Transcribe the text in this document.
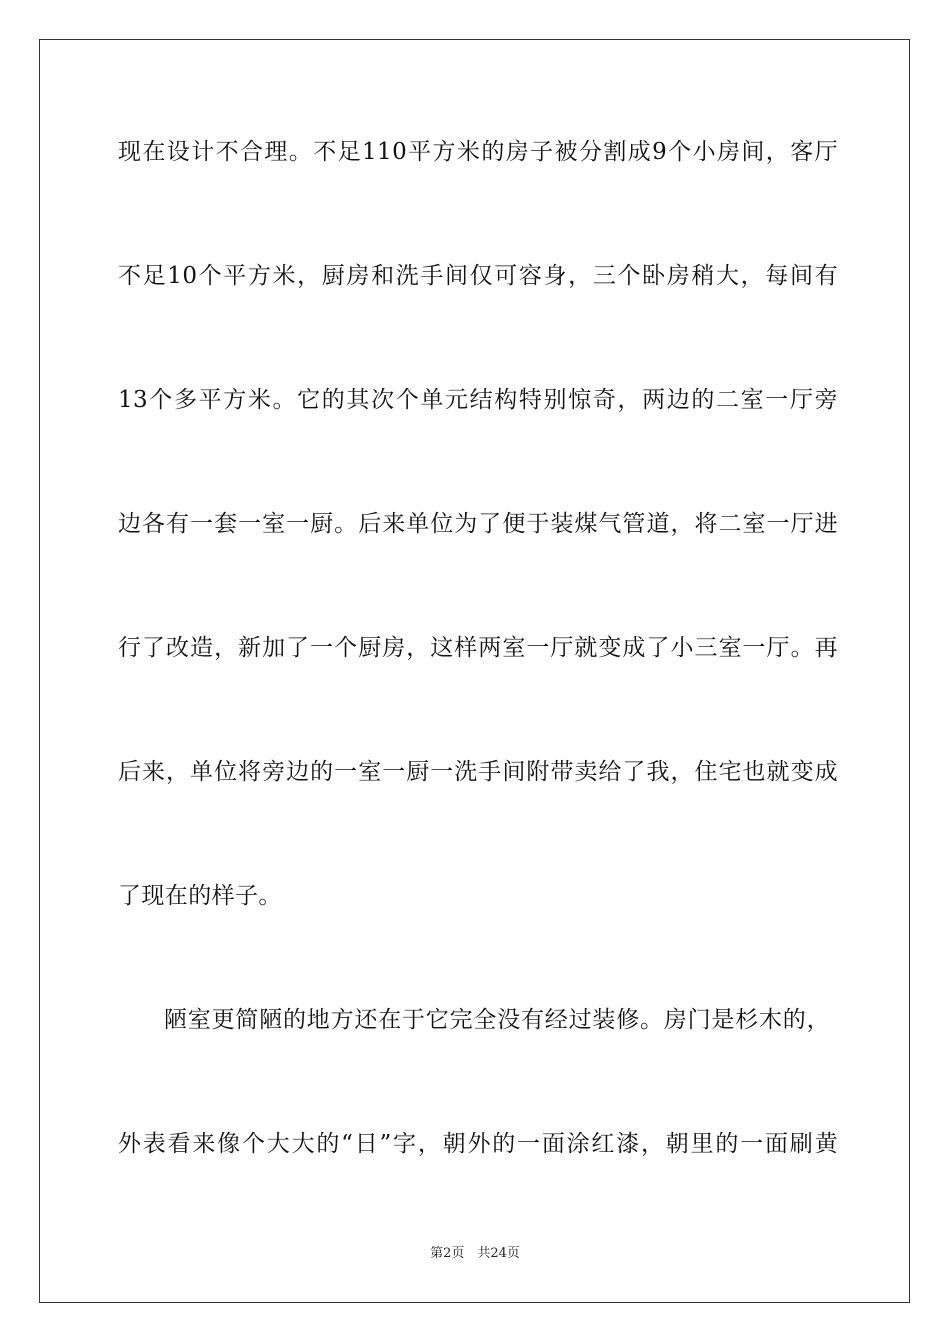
现在设计不合理。不足110平方米的房子被分割成9个小房间，客厅
不足10个平方米，厨房和洗手间仅可容身，三个卧房稍大，每间有
13个多平方米。它的其次个单元结构特别惊奇，两边的二室一厅旁
边各有一套一室一厨。后来单位为了便于装煤气管道，将二室一厅进
行了改造，新加了一个厨房，这样两室一厅就变成了小三室一厅。再
后来，单位将旁边的一室一厨一洗手间附带卖给了我，住宅也就变成
了现在的样子。
陋室更简陋的地方还在于它完全没有经过装修。房门是杉木的，
外表看来像个大大的“日”字，朝外的一面涂红漆，朝里的一面刷黄
第2页　共24页
